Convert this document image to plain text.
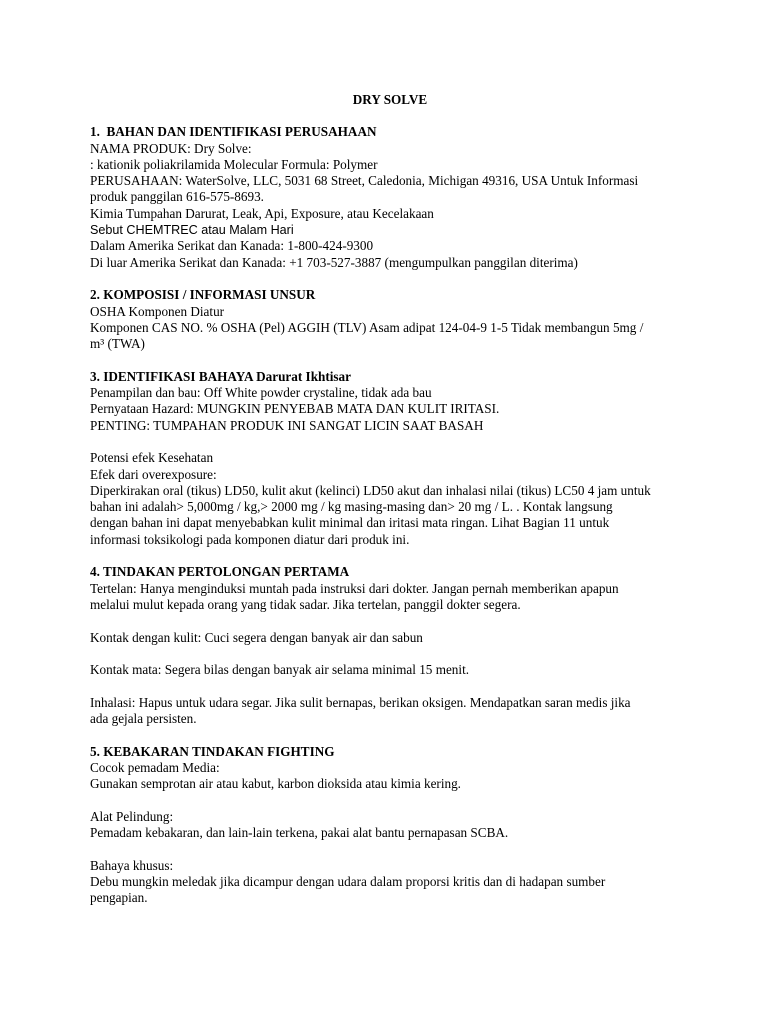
DRY SOLVE
1.  BAHAN DAN IDENTIFIKASI PERUSAHAAN
NAMA PRODUK: Dry Solve:
: kationik poliakrilamida Molecular Formula: Polymer
PERUSAHAAN: WaterSolve, LLC, 5031 68 Street, Caledonia, Michigan 49316, USA Untuk Informasi
produk panggilan 616-575-8693.
Kimia Tumpahan Darurat, Leak, Api, Exposure, atau Kecelakaan
Sebut CHEMTREC atau Malam Hari
Dalam Amerika Serikat dan Kanada: 1-800-424-9300
Di luar Amerika Serikat dan Kanada: +1 703-527-3887 (mengumpulkan panggilan diterima)
2. KOMPOSISI / INFORMASI UNSUR
OSHA Komponen Diatur
Komponen CAS NO. % OSHA (Pel) AGGIH (TLV) Asam adipat 124-04-9 1-5 Tidak membangun 5mg /
m³ (TWA)
3. IDENTIFIKASI BAHAYA Darurat Ikhtisar
Penampilan dan bau: Off White powder crystaline, tidak ada bau
Pernyataan Hazard: MUNGKIN PENYEBAB MATA DAN KULIT IRITASI.
PENTING: TUMPAHAN PRODUK INI SANGAT LICIN SAAT BASAH
Potensi efek Kesehatan
Efek dari overexposure:
Diperkirakan oral (tikus) LD50, kulit akut (kelinci) LD50 akut dan inhalasi nilai (tikus) LC50 4 jam untuk
bahan ini adalah> 5,000mg / kg,> 2000 mg / kg masing-masing dan> 20 mg / L. . Kontak langsung
dengan bahan ini dapat menyebabkan kulit minimal dan iritasi mata ringan. Lihat Bagian 11 untuk
informasi toksikologi pada komponen diatur dari produk ini.
4. TINDAKAN PERTOLONGAN PERTAMA
Tertelan: Hanya menginduksi muntah pada instruksi dari dokter. Jangan pernah memberikan apapun
melalui mulut kepada orang yang tidak sadar. Jika tertelan, panggil dokter segera.
Kontak dengan kulit: Cuci segera dengan banyak air dan sabun
Kontak mata: Segera bilas dengan banyak air selama minimal 15 menit.
Inhalasi: Hapus untuk udara segar. Jika sulit bernapas, berikan oksigen. Mendapatkan saran medis jika
ada gejala persisten.
5. KEBAKARAN TINDAKAN FIGHTING
Cocok pemadam Media:
Gunakan semprotan air atau kabut, karbon dioksida atau kimia kering.
Alat Pelindung:
Pemadam kebakaran, dan lain-lain terkena, pakai alat bantu pernapasan SCBA.
Bahaya khusus:
Debu mungkin meledak jika dicampur dengan udara dalam proporsi kritis dan di hadapan sumber
pengapian.
